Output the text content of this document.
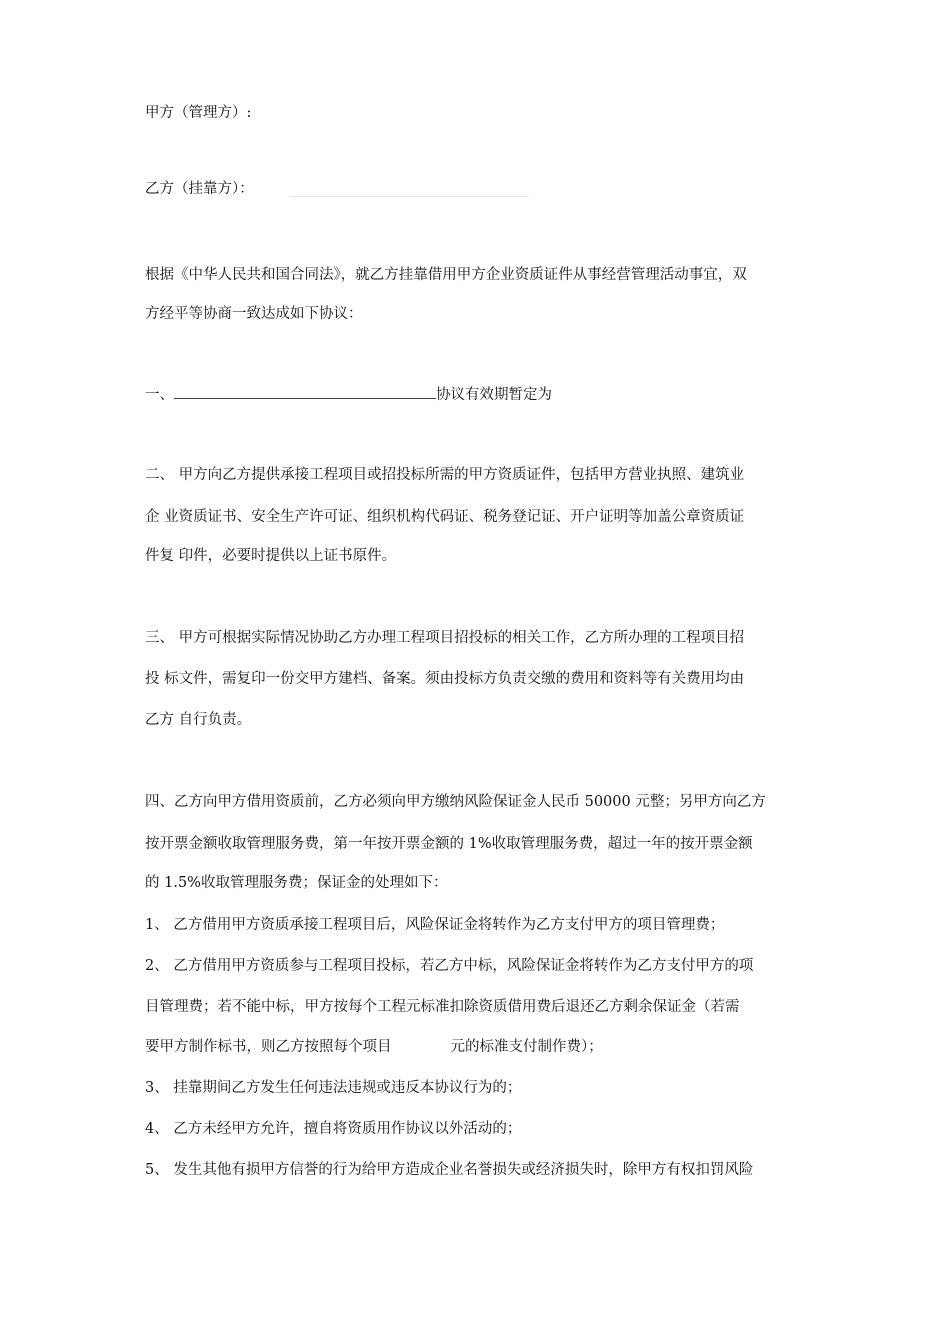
甲方（管理方）:
乙方（挂靠方）：
根据《中华人民共和国合同法》，就乙方挂靠借用甲方企业资质证件从事经营管理活动事宜，双
方经平等协商一致达成如下协议：
一、	协议有效期暂定为
二、 甲方向乙方提供承接工程项目或招投标所需的甲方资质证件，包括甲方营业执照、建筑业
企 业资质证书、安全生产许可证、组织机构代码证、税务登记证、开户证明等加盖公章资质证
件复 印件，必要时提供以上证书原件。
三、 甲方可根据实际情况协助乙方办理工程项目招投标的相关工作，乙方所办理的工程项目招
投 标文件，需复印一份交甲方建档、备案。须由投标方负责交缴的费用和资料等有关费用均由
乙方 自行负责。
四、乙方向甲方借用资质前，乙方必须向甲方缴纳风险保证金人民币 50000 元整；另甲方向乙方
按开票金额收取管理服务费，第一年按开票金额的 1%收取管理服务费，超过一年的按开票金额
的 1.5%收取管理服务费；保证金的处理如下：
1、 乙方借用甲方资质承接工程项目后，风险保证金将转作为乙方支付甲方的项目管理费；
2、 乙方借用甲方资质参与工程项目投标，若乙方中标，风险保证金将转作为乙方支付甲方的项
目管理费；若不能中标，甲方按每个工程元标准扣除资质借用费后退还乙方剩余保证金（若需
要甲方制作标书，则乙方按照每个项目	元的标准支付制作费）；
3、 挂靠期间乙方发生任何违法违规或违反本协议行为的；
4、 乙方未经甲方允许，擅自将资质用作协议以外活动的；
5、 发生其他有损甲方信誉的行为给甲方造成企业名誉损失或经济损失时，除甲方有权扣罚风险
